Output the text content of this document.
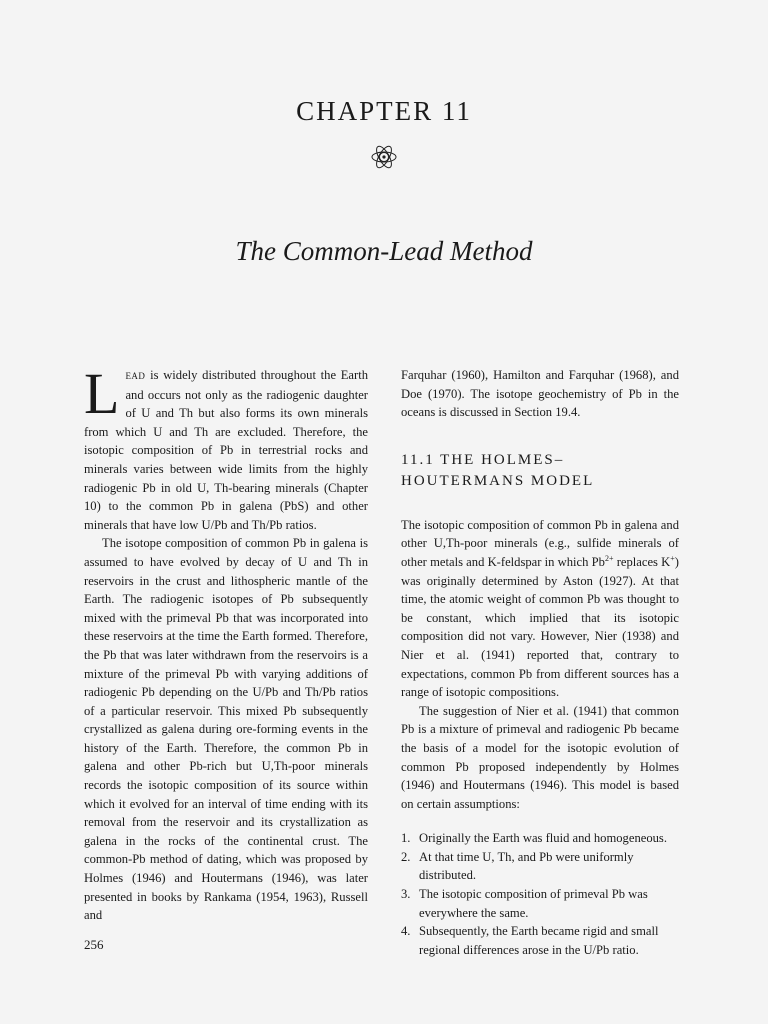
CHAPTER 11
The Common-Lead Method

LEAD is widely distributed throughout the Earth and occurs not only as the radiogenic daughter of U and Th but also forms its own minerals from which U and Th are excluded. Therefore, the isotopic composition of Pb in terrestrial rocks and minerals varies between wide limits from the highly radiogenic Pb in old U, Th-bearing minerals (Chapter 10) to the common Pb in galena (PbS) and other minerals that have low U/Pb and Th/Pb ratios.

The isotope composition of common Pb in galena is assumed to have evolved by decay of U and Th in reservoirs in the crust and lithospheric mantle of the Earth. The radiogenic isotopes of Pb subsequently mixed with the primeval Pb that was incorporated into these reservoirs at the time the Earth formed. Therefore, the Pb that was later withdrawn from the reservoirs is a mixture of the primeval Pb with varying additions of radiogenic Pb depending on the U/Pb and Th/Pb ratios of a particular reservoir. This mixed Pb subsequently crystallized as galena during ore-forming events in the history of the Earth. Therefore, the common Pb in galena and other Pb-rich but U,Th-poor minerals records the isotopic composition of its source within which it evolved for an interval of time ending with its removal from the reservoir and its crystallization as galena in the rocks of the continental crust. The common-Pb method of dating, which was proposed by Holmes (1946) and Houtermans (1946), was later presented in books by Rankama (1954, 1963), Russell and

Farquhar (1960), Hamilton and Farquhar (1968), and Doe (1970). The isotope geochemistry of Pb in the oceans is discussed in Section 19.4.

11.1 THE HOLMES–HOUTERMANS MODEL

The isotopic composition of common Pb in galena and other U,Th-poor minerals (e.g., sulfide minerals of other metals and K-feldspar in which $Pb^{2+}$ replaces K+) was originally determined by Aston (1927). At that time, the atomic weight of common Pb was thought to be constant, which implied that its isotopic composition did not vary. However, Nier (1938) and Nier et al. (1941) reported that, contrary to expectations, common Pb from different sources has a range of isotopic compositions.

The suggestion of Nier et al. (1941) that common Pb is a mixture of primeval and radiogenic Pb became the basis of a model for the isotopic evolution of common Pb proposed independently by Holmes (1946) and Houtermans (1946). This model is based on certain assumptions:

1. Originally the Earth was fluid and homogeneous.
2. At that time U, Th, and Pb were uniformly distributed.
3. The isotopic composition of primeval Pb was everywhere the same.
4. Subsequently, the Earth became rigid and small regional differences arose in the U/Pb ratio.
256
